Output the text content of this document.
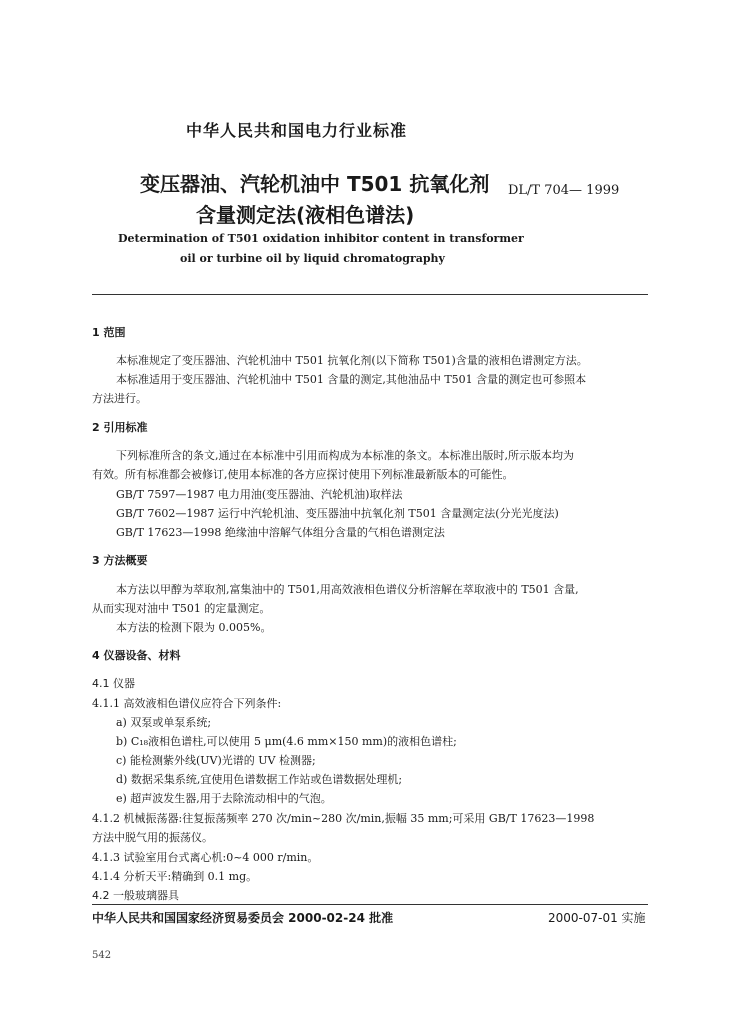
中华人民共和国电力行业标准
变压器油、汽轮机油中 T501 抗氧化剂
含量测定法(液相色谱法)
DL/T 704— 1999
Determination of T501 oxidation inhibitor content in transformer
oil or turbine oil by liquid chromatography
1 范围
本标准规定了变压器油、汽轮机油中 T501 抗氧化剂(以下简称 T501)含量的液相色谱测定方法。
本标准适用于变压器油、汽轮机油中 T501 含量的测定,其他油品中 T501 含量的测定也可参照本
方法进行。
2 引用标准
下列标准所含的条文,通过在本标准中引用而构成为本标准的条文。本标准出版时,所示版本均为
有效。所有标准都会被修订,使用本标准的各方应探讨使用下列标准最新版本的可能性。
GB/T 7597—1987 电力用油(变压器油、汽轮机油)取样法
GB/T 7602—1987 运行中汽轮机油、变压器油中抗氧化剂 T501 含量测定法(分光光度法)
GB/T 17623—1998 绝缘油中溶解气体组分含量的气相色谱测定法
3 方法概要
本方法以甲醇为萃取剂,富集油中的 T501,用高效液相色谱仪分析溶解在萃取液中的 T501 含量,
从而实现对油中 T501 的定量测定。
本方法的检测下限为 0.005%。
4 仪器设备、材料
4.1 仪器
4.1.1 高效液相色谱仪应符合下列条件:
a) 双泵或单泵系统;
b) C₁₈液相色谱柱,可以使用 5 μm(4.6 mm×150 mm)的液相色谱柱;
c) 能检测紫外线(UV)光谱的 UV 检测器;
d) 数据采集系统,宜使用色谱数据工作站或色谱数据处理机;
e) 超声波发生器,用于去除流动相中的气泡。
4.1.2 机械振荡器:往复振荡频率 270 次/min~280 次/min,振幅 35 mm;可采用 GB/T 17623—1998
方法中脱气用的振荡仪。
4.1.3 试验室用台式离心机:0~4 000 r/min。
4.1.4 分析天平:精确到 0.1 mg。
4.2 一般玻璃器具
中华人民共和国国家经济贸易委员会 2000-02-24 批准	2000-07-01 实施
542
